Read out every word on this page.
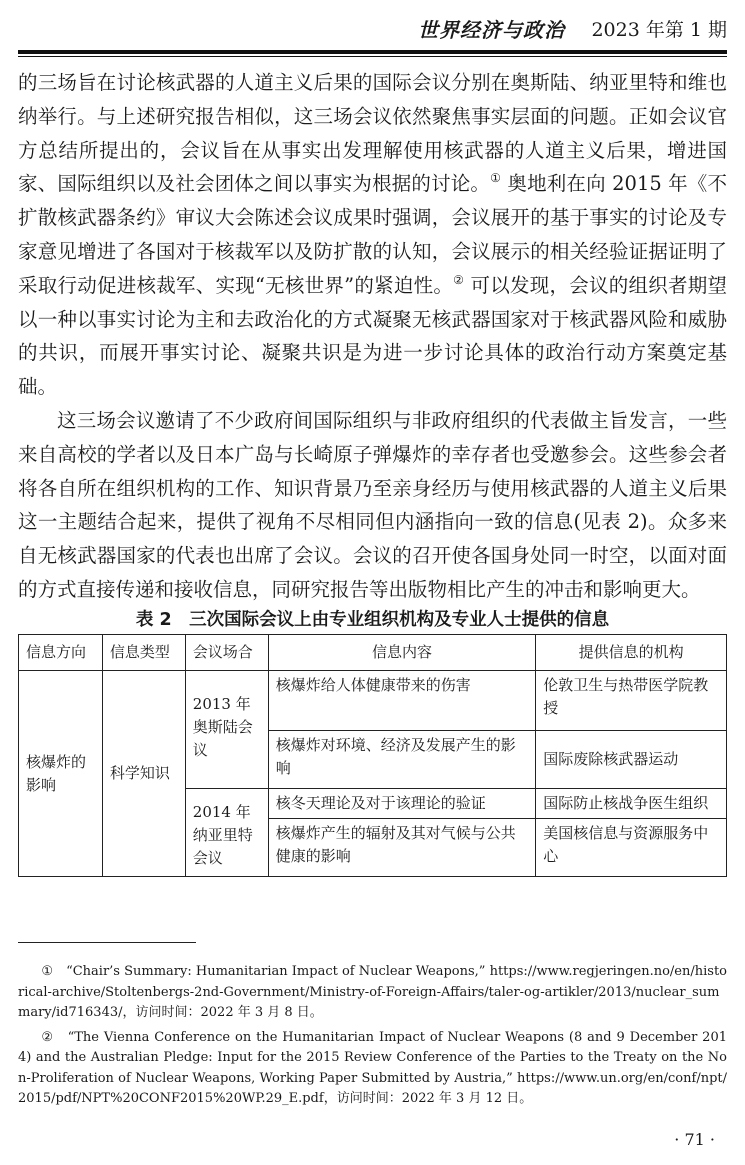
世界经济与政治 2023 年第 1 期

的三场旨在讨论核武器的人道主义后果的国际会议分别在奥斯陆、纳亚里特和维也纳举行。与上述研究报告相似，这三场会议依然聚焦事实层面的问题。正如会议官方总结所提出的，会议旨在从事实出发理解使用核武器的人道主义后果，增进国家、国际组织以及社会团体之间以事实为根据的讨论。① 奥地利在向 2015 年《不扩散核武器条约》审议大会陈述会议成果时强调，会议展开的基于事实的讨论及专家意见增进了各国对于核裁军以及防扩散的认知，会议展示的相关经验证据证明了采取行动促进核裁军、实现“无核世界”的紧迫性。② 可以发现，会议的组织者期望以一种以事实讨论为主和去政治化的方式凝聚无核武器国家对于核武器风险和威胁的共识，而展开事实讨论、凝聚共识是为进一步讨论具体的政治行动方案奠定基础。

这三场会议邀请了不少政府间国际组织与非政府组织的代表做主旨发言，一些来自高校的学者以及日本广岛与长崎原子弹爆炸的幸存者也受邀参会。这些参会者将各自所在组织机构的工作、知识背景乃至亲身经历与使用核武器的人道主义后果这一主题结合起来，提供了视角不尽相同但内涵指向一致的信息(见表 2)。众多来自无核武器国家的代表也出席了会议。会议的召开使各国身处同一时空，以面对面的方式直接传递和接收信息，同研究报告等出版物相比产生的冲击和影响更大。

表 2　三次国际会议上由专业组织机构及专业人士提供的信息
信息方向	信息类型	会议场合	信息内容	提供信息的机构
核爆炸的影响	科学知识	2013 年奥斯陆会议	核爆炸给人体健康带来的伤害	伦敦卫生与热带医学院教授
			核爆炸对环境、经济及发展产生的影响	国际废除核武器运动
		2014 年纳亚里特会议	核冬天理论及对于该理论的验证	国际防止核战争医生组织
			核爆炸产生的辐射及其对气候与公共健康的影响	美国核信息与资源服务中心

①　 “Chair’s Summary: Humanitarian Impact of Nuclear Weapons,” https://www.regjeringen.no/en/historical-archive/Stoltenbergs-2nd-Government/Ministry-of-Foreign-Affairs/taler-og-artikler/2013/nuclear_summary/id716343/，访问时间：2022 年 3 月 8 日。

②　 “The Vienna Conference on the Humanitarian Impact of Nuclear Weapons (8 and 9 December 2014) and the Australian Pledge: Input for the 2015 Review Conference of the Parties to the Treaty on the Non-Proliferation of Nuclear Weapons, Working Paper Submitted by Austria,” https://www.un.org/en/conf/npt/2015/pdf/NPT%20CONF2015%20WP.29_E.pdf，访问时间：2022 年 3 月 12 日。

· 71 ·
